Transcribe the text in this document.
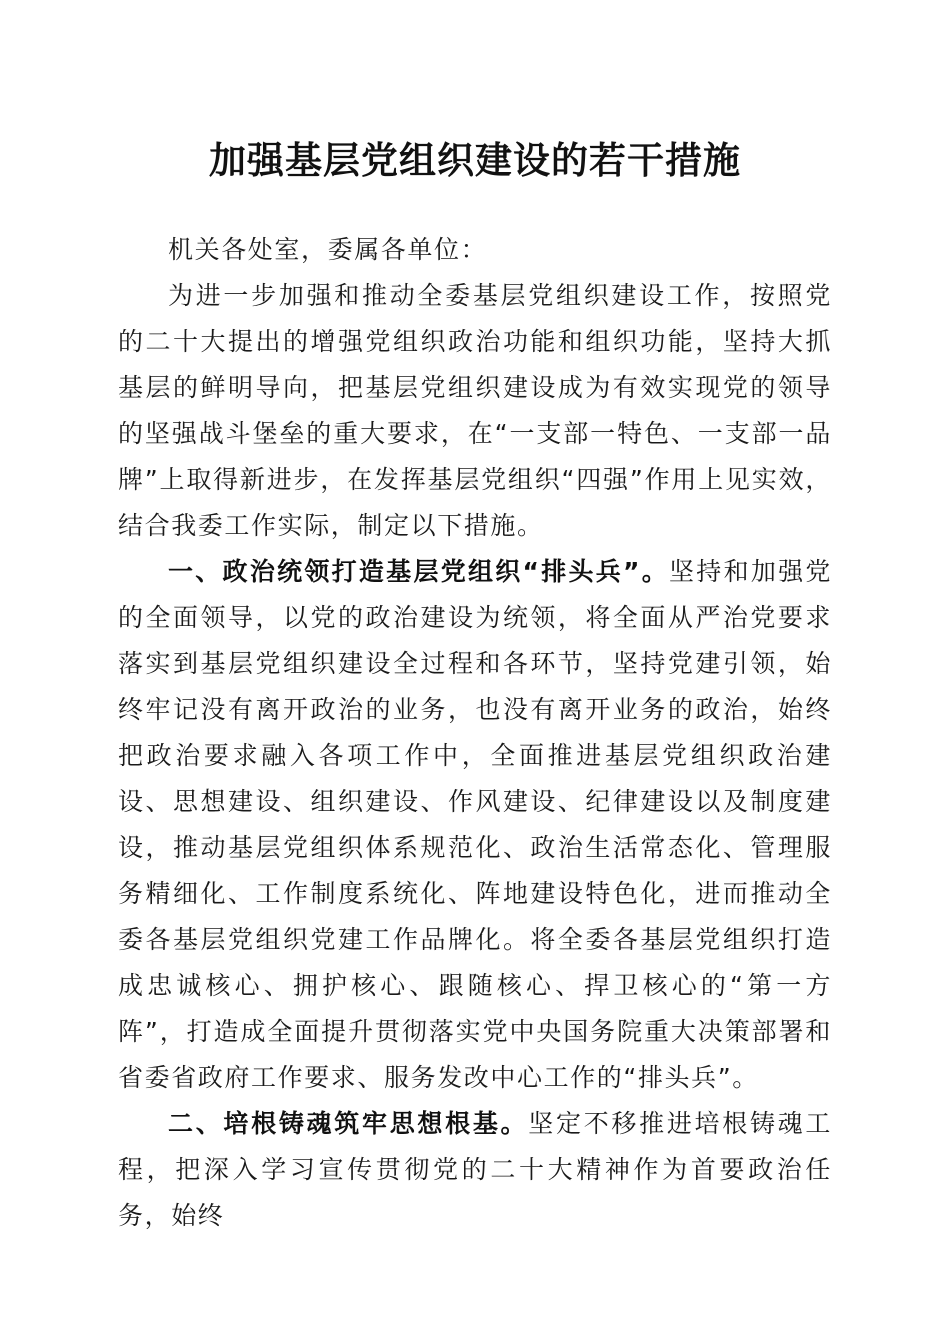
加强基层党组织建设的若干措施

机关各处室，委属各单位：

为进一步加强和推动全委基层党组织建设工作，按照党的二十大提出的增强党组织政治功能和组织功能，坚持大抓基层的鲜明导向，把基层党组织建设成为有效实现党的领导的坚强战斗堡垒的重大要求，在“一支部一特色、一支部一品牌”上取得新进步，在发挥基层党组织“四强”作用上见实效，结合我委工作实际，制定以下措施。

一、政治统领打造基层党组织“排头兵”。坚持和加强党的全面领导，以党的政治建设为统领，将全面从严治党要求落实到基层党组织建设全过程和各环节，坚持党建引领，始终牢记没有离开政治的业务，也没有离开业务的政治，始终把政治要求融入各项工作中，全面推进基层党组织政治建设、思想建设、组织建设、作风建设、纪律建设以及制度建设，推动基层党组织体系规范化、政治生活常态化、管理服务精细化、工作制度系统化、阵地建设特色化，进而推动全委各基层党组织党建工作品牌化。将全委各基层党组织打造成忠诚核心、拥护核心、跟随核心、捍卫核心的“第一方阵”，打造成全面提升贯彻落实党中央国务院重大决策部署和省委省政府工作要求、服务发改中心工作的“排头兵”。

二、培根铸魂筑牢思想根基。坚定不移推进培根铸魂工程，把深入学习宣传贯彻党的二十大精神作为首要政治任务，始终
